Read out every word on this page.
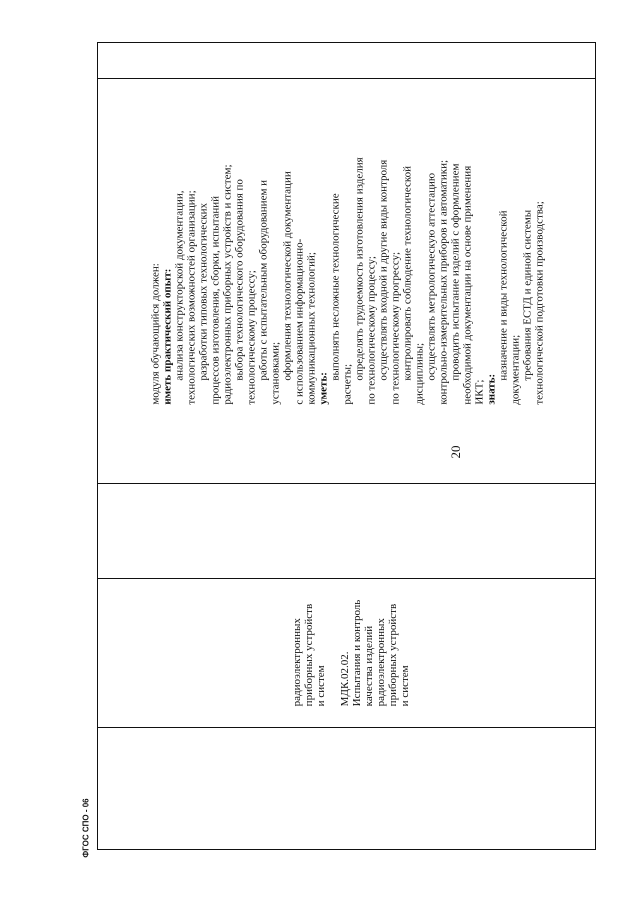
20
ФГОС СПО - 06
модуля обучающийся должен: иметь практический опыт: анализа конструкторской документации, технологических возможностей организации; разработки типовых технологических процессов изготовления, сборки, испытаний радиоэлектронных приборных устройств и систем; выбора технологического оборудования по технологическому процессу; работы с испытательным оборудованием и установками; оформления технологической документации с использованием информационно- коммуникационных технологий; уметь:
выполнять несложные технологические
расчеты;
определять трудоемкость изготовления изделия по технологическому процессу; осуществлять входной и другие виды контроля по технологическому прогрессу; контролировать соблюдение технологической дисциплины; осуществлять метрологическую аттестацию контрольно-измерительных приборов и автоматики; проводить испытание изделий с оформлением необходимой документации на основе применения ИКТ; знать:
назначение и виды технологической документации; требования ЕСТД и единой системы технологической подготовки производства;
радиоэлектронных приборных устройств и систем МДК.02.02. Испытания и контроль качества изделий радиоэлектронных приборных устройств и систем
